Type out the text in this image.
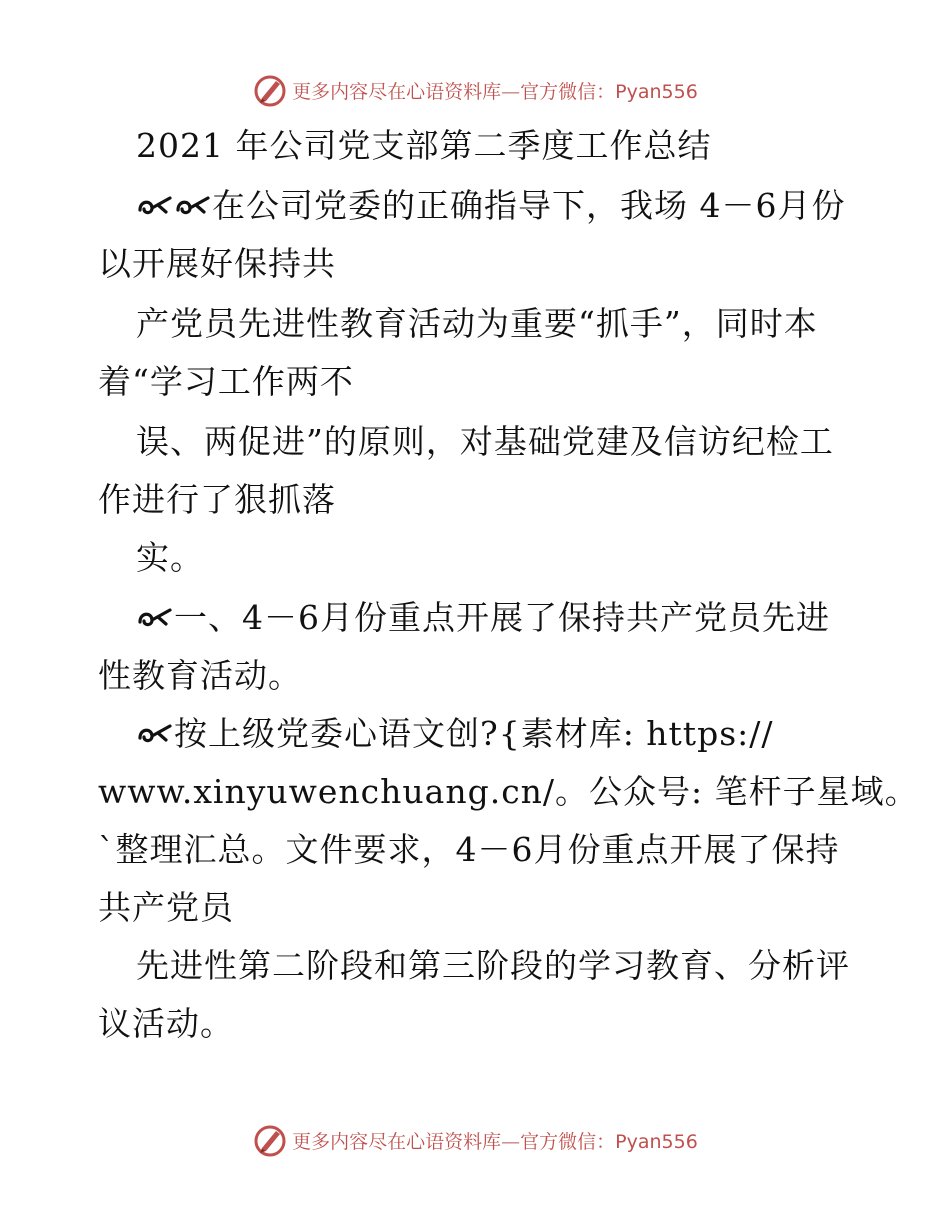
更多内容尽在心语资料库—官方微信：Pyan556
2021 年公司党支部第二季度工作总结
在公司党委的正确指导下，我场 4－6月份
以开展好保持共
产党员先进性教育活动为重要“抓手”，同时本
着“学习工作两不
误、两促进”的原则，对基础党建及信访纪检工
作进行了狠抓落
实。
一、4－6月份重点开展了保持共产党员先进
性教育活动。
按上级党委心语文创?{素材库: https://
www.xinyuwenchuang.cn/。公众号: 笔杆子星域。
`整理汇总。文件要求，4－6月份重点开展了保持
共产党员
先进性第二阶段和第三阶段的学习教育、分析评
议活动。
更多内容尽在心语资料库—官方微信：Pyan556
